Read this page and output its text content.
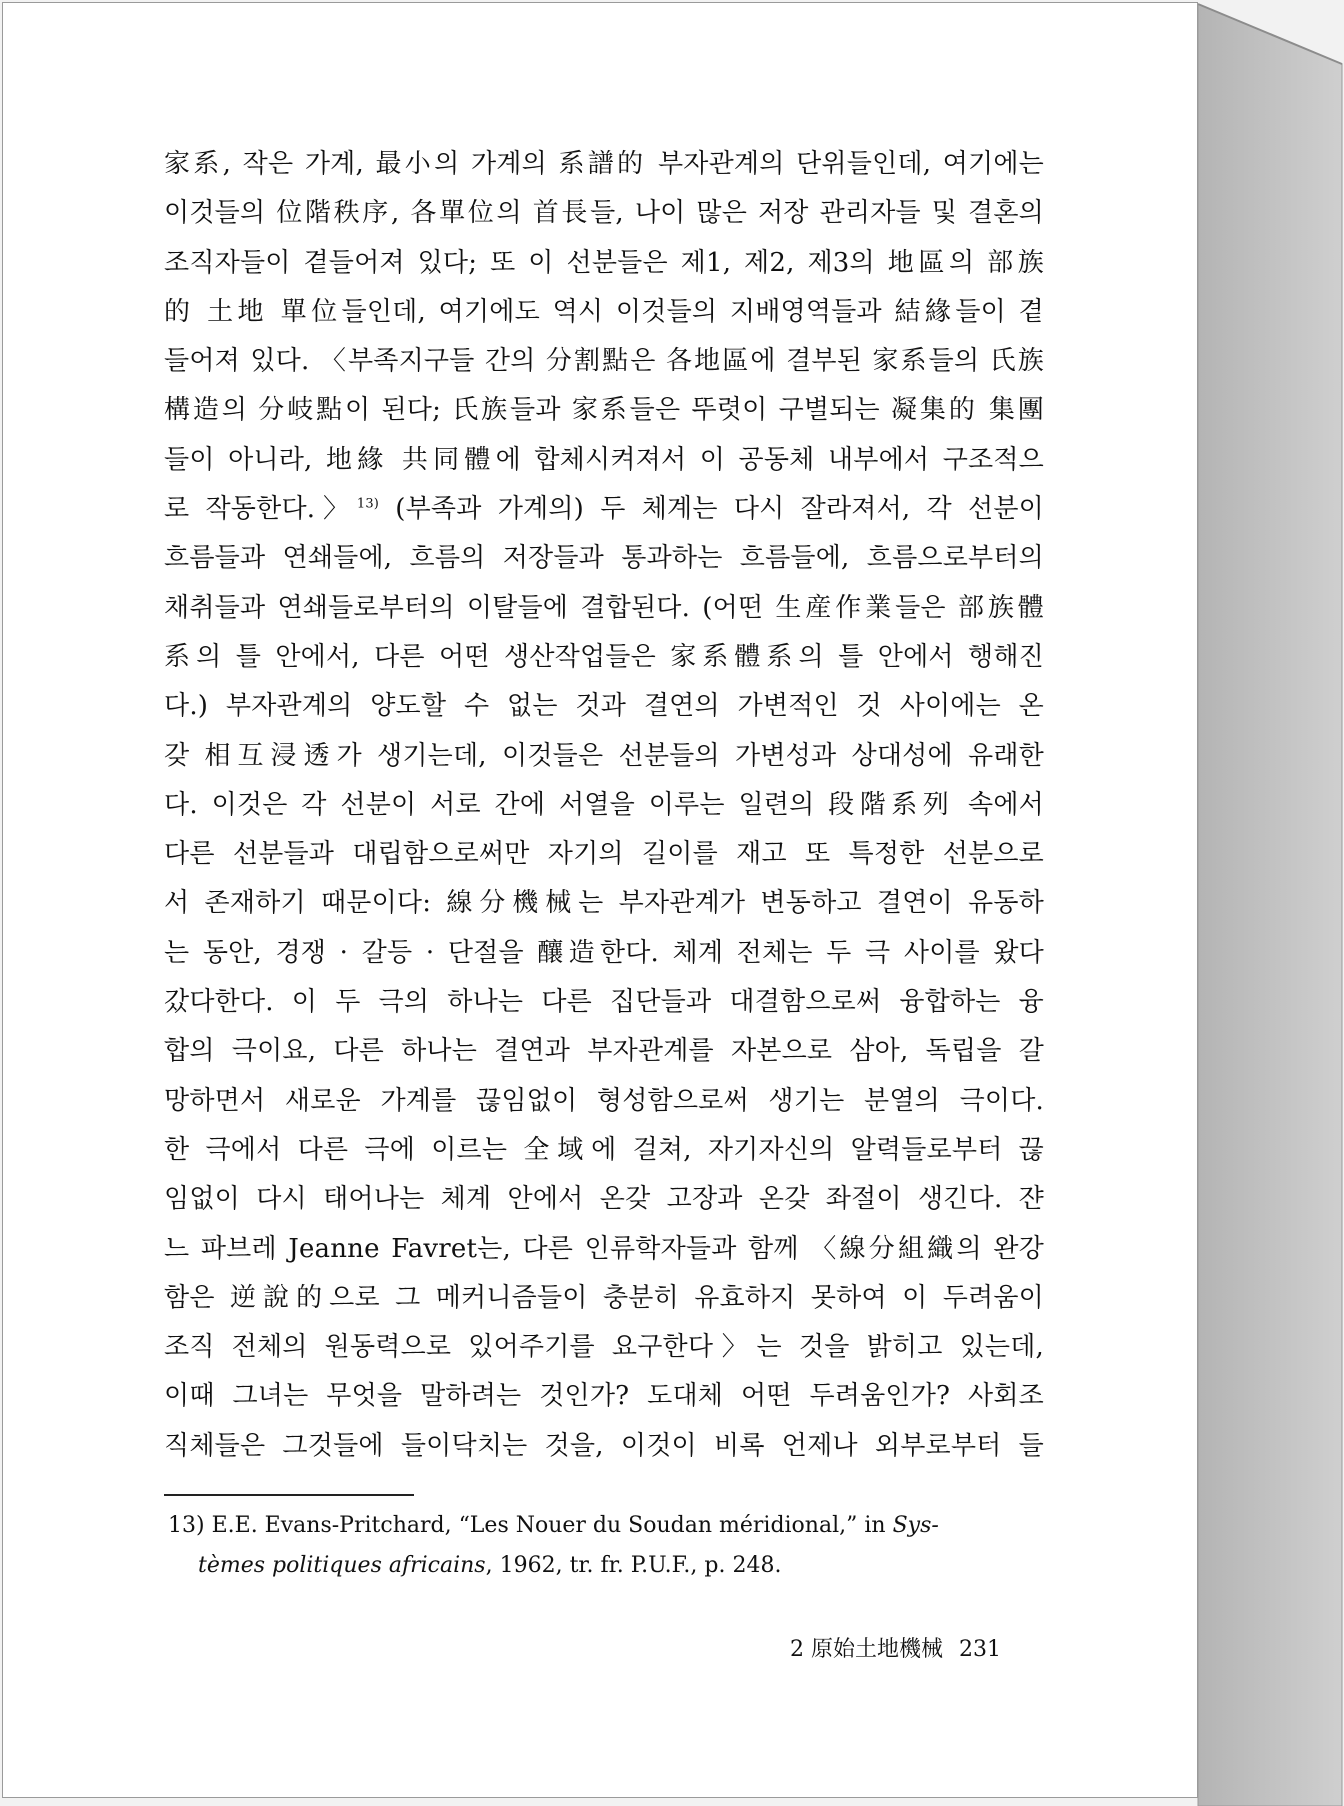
家系, 작은 가계, 最小의 가계의 系譜的 부자관계의 단위들인데, 여기에는
이것들의 位階秩序, 各單位의 首長들, 나이 많은 저장 관리자들 및 결혼의
조직자들이 곁들어져 있다; 또 이 선분들은 제1, 제2, 제3의 地區의 部族
的 土地 單位들인데, 여기에도 역시 이것들의 지배영역들과 結緣들이 곁
들어져 있다. 〈부족지구들 간의 分割點은 各地區에 결부된 家系들의 氏族
構造의 分岐點이 된다; 氏族들과 家系들은 뚜렷이 구별되는 凝集的 集團
들이 아니라, 地緣 共同體에 합체시켜져서 이 공동체 내부에서 구조적으
로 작동한다.〉$^{13)}$ (부족과 가계의) 두 체계는 다시 잘라져서, 각 선분이
흐름들과 연쇄들에, 흐름의 저장들과 통과하는 흐름들에, 흐름으로부터의
채취들과 연쇄들로부터의 이탈들에 결합된다. (어떤 生産作業들은 部族體
系의 틀 안에서, 다른 어떤 생산작업들은 家系體系의 틀 안에서 행해진
다.) 부자관계의 양도할 수 없는 것과 결연의 가변적인 것 사이에는 온
갖 相互浸透가 생기는데, 이것들은 선분들의 가변성과 상대성에 유래한
다. 이것은 각 선분이 서로 간에 서열을 이루는 일련의 段階系列 속에서
다른 선분들과 대립함으로써만 자기의 길이를 재고 또 특정한 선분으로
서 존재하기 때문이다: 線分機械는 부자관계가 변동하고 결연이 유동하
는 동안, 경쟁 · 갈등 · 단절을 釀造한다. 체계 전체는 두 극 사이를 왔다
갔다한다. 이 두 극의 하나는 다른 집단들과 대결함으로써 융합하는 융
합의 극이요, 다른 하나는 결연과 부자관계를 자본으로 삼아, 독립을 갈
망하면서 새로운 가계를 끊임없이 형성함으로써 생기는 분열의 극이다.
한 극에서 다른 극에 이르는 全域에 걸쳐, 자기자신의 알력들로부터 끊
임없이 다시 태어나는 체계 안에서 온갖 고장과 온갖 좌절이 생긴다. 쟌
느 파브레 Jeanne Favret는, 다른 인류학자들과 함께 〈線分組織의 완강
함은 逆說的으로 그 메커니즘들이 충분히 유효하지 못하여 이 두려움이
조직 전체의 원동력으로 있어주기를 요구한다〉는 것을 밝히고 있는데,
이때 그녀는 무엇을 말하려는 것인가? 도대체 어떤 두려움인가? 사회조
직체들은 그것들에 들이닥치는 것을, 이것이 비록 언제나 외부로부터 들
13) E.E. Evans-Pritchard, “Les Nouer du Soudan méridional,” in Sys-
tèmes politiques africains, 1962, tr. fr. P.U.F., p. 248.
2 原始土地機械 231
